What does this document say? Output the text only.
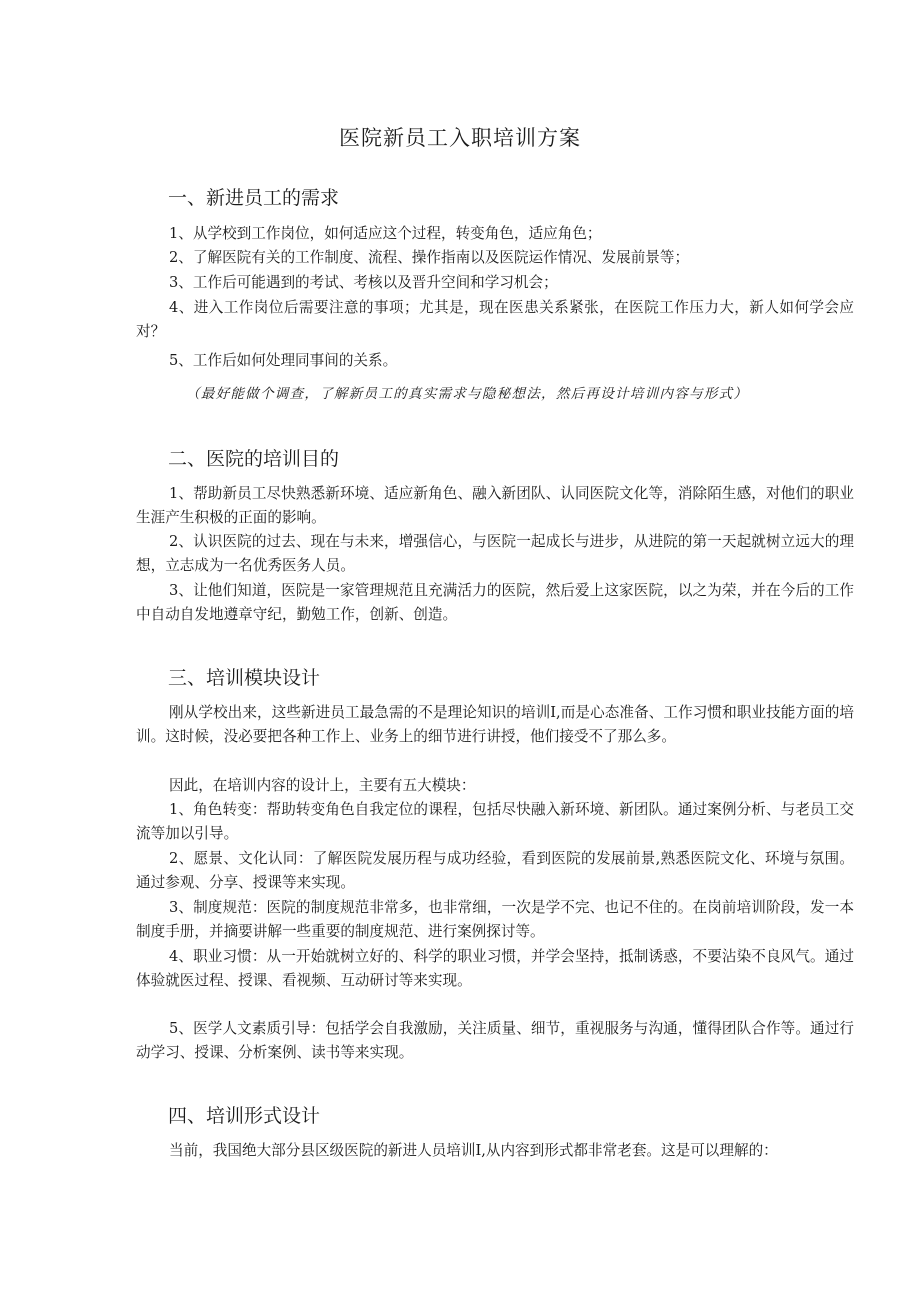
医院新员工入职培训方案
一、新进员工的需求
1、从学校到工作岗位，如何适应这个过程，转变角色，适应角色；
2、了解医院有关的工作制度、流程、操作指南以及医院运作情况、发展前景等；
3、工作后可能遇到的考试、考核以及晋升空间和学习机会；
4、进入工作岗位后需要注意的事项；尤其是，现在医患关系紧张，在医院工作压力大，新人如何学会应对？
5、工作后如何处理同事间的关系。
（最好能做个调查，了解新员工的真实需求与隐秘想法，然后再设计培训内容与形式）
二、医院的培训目的
1、帮助新员工尽快熟悉新环境、适应新角色、融入新团队、认同医院文化等，消除陌生感，对他们的职业生涯产生积极的正面的影响。
2、认识医院的过去、现在与未来，增强信心，与医院一起成长与进步，从进院的第一天起就树立远大的理想，立志成为一名优秀医务人员。
3、让他们知道，医院是一家管理规范且充满活力的医院，然后爱上这家医院，以之为荣，并在今后的工作中自动自发地遵章守纪，勤勉工作，创新、创造。
三、培训模块设计
刚从学校出来，这些新进员工最急需的不是理论知识的培训I,而是心态准备、工作习惯和职业技能方面的培训。这时候，没必要把各种工作上、业务上的细节进行讲授，他们接受不了那么多。
因此，在培训内容的设计上，主要有五大模块：
1、角色转变：帮助转变角色自我定位的课程，包括尽快融入新环境、新团队。通过案例分析、与老员工交流等加以引导。
2、愿景、文化认同：了解医院发展历程与成功经验，看到医院的发展前景,熟悉医院文化、环境与氛围。通过参观、分享、授课等来实现。
3、制度规范：医院的制度规范非常多，也非常细，一次是学不完、也记不住的。在岗前培训阶段，发一本制度手册，并摘要讲解一些重要的制度规范、进行案例探讨等。
4、职业习惯：从一开始就树立好的、科学的职业习惯，并学会坚持，抵制诱惑，不要沾染不良风气。通过体验就医过程、授课、看视频、互动研讨等来实现。
5、医学人文素质引导：包括学会自我激励，关注质量、细节，重视服务与沟通，懂得团队合作等。通过行动学习、授课、分析案例、读书等来实现。
四、培训形式设计
当前，我国绝大部分县区级医院的新进人员培训I,从内容到形式都非常老套。这是可以理解的：
